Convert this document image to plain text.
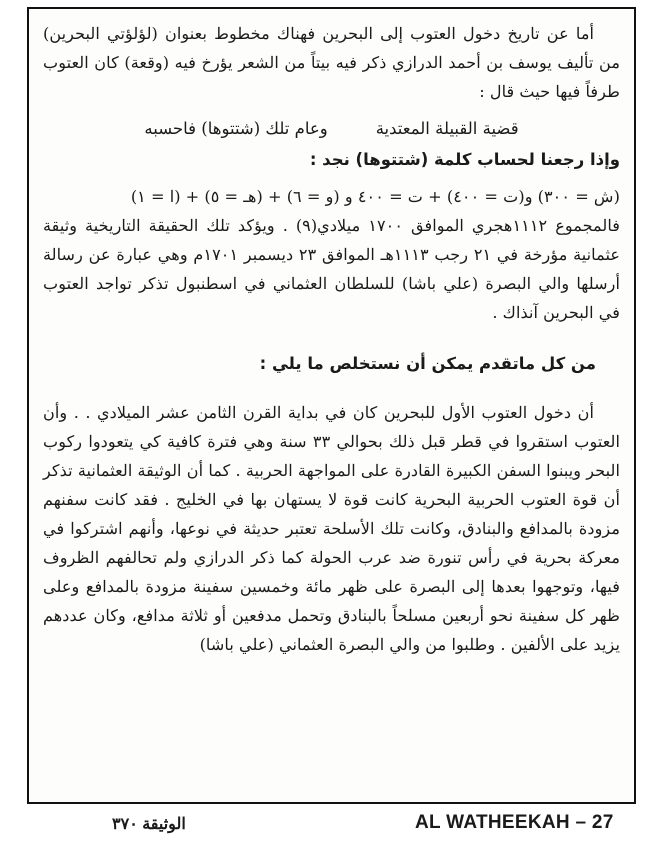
أما عن تاريخ دخول العتوب إلى البحرين فهناك مخطوط بعنوان (لؤلؤتي البحرين) من تأليف يوسف بن أحمد الدرازي ذكر فيه بيتاً من الشعر يؤرخ فيه (وقعة) كان العتوب طرفاً فيها حيث قال :

قضية القبيلة المعتدية
وعام تلك (شتتوها) فاحسبه

وإذا رجعنا لحساب كلمة (شتتوها) نجد :

(ش = ٣٠٠) و(ت = ٤٠٠) + ت = ٤٠٠ و (و = ٦) + (هـ = ٥) + (ا = ١)

فالمجموع ١١١٢هجري الموافق ١٧٠٠ ميلادي(٩) . ويؤكد تلك الحقيقة التاريخية وثيقة عثمانية مؤرخة في ٢١ رجب ١١١٣هـ الموافق ٢٣ ديسمبر ١٧٠١م وهي عبارة عن رسالة أرسلها والي البصرة (علي باشا) للسلطان العثماني في اسطنبول تذكر تواجد العتوب في البحرين آنذاك .

من كل ماتقدم يمكن أن نستخلص ما يلي :

أن دخول العتوب الأول للبحرين كان في بداية القرن الثامن عشر الميلادي . . وأن العتوب استقروا في قطر قبل ذلك بحوالي ٣٣ سنة وهي فترة كافية كي يتعودوا ركوب البحر ويبنوا السفن الكبيرة القادرة على المواجهة الحربية . كما أن الوثيقة العثمانية تذكر أن قوة العتوب الحربية البحرية كانت قوة لا يستهان بها في الخليج . فقد كانت سفنهم مزودة بالمدافع والبنادق، وكانت تلك الأسلحة تعتبر حديثة في نوعها، وأنهم اشتركوا في معركة بحرية في رأس تنورة ضد عرب الحولة كما ذكر الدرازي ولم تحالفهم الظروف فيها، وتوجهوا بعدها إلى البصرة على ظهر مائة وخمسين سفينة مزودة بالمدافع وعلى ظهر كل سفينة نحو أربعين مسلحاً بالبنادق وتحمل مدفعين أو ثلاثة مدافع، وكان عددهم يزيد على الألفين . وطلبوا من والي البصرة العثماني (علي باشا)

الوثيقة ٣٧٠	AL WATHEEKAH – 27
